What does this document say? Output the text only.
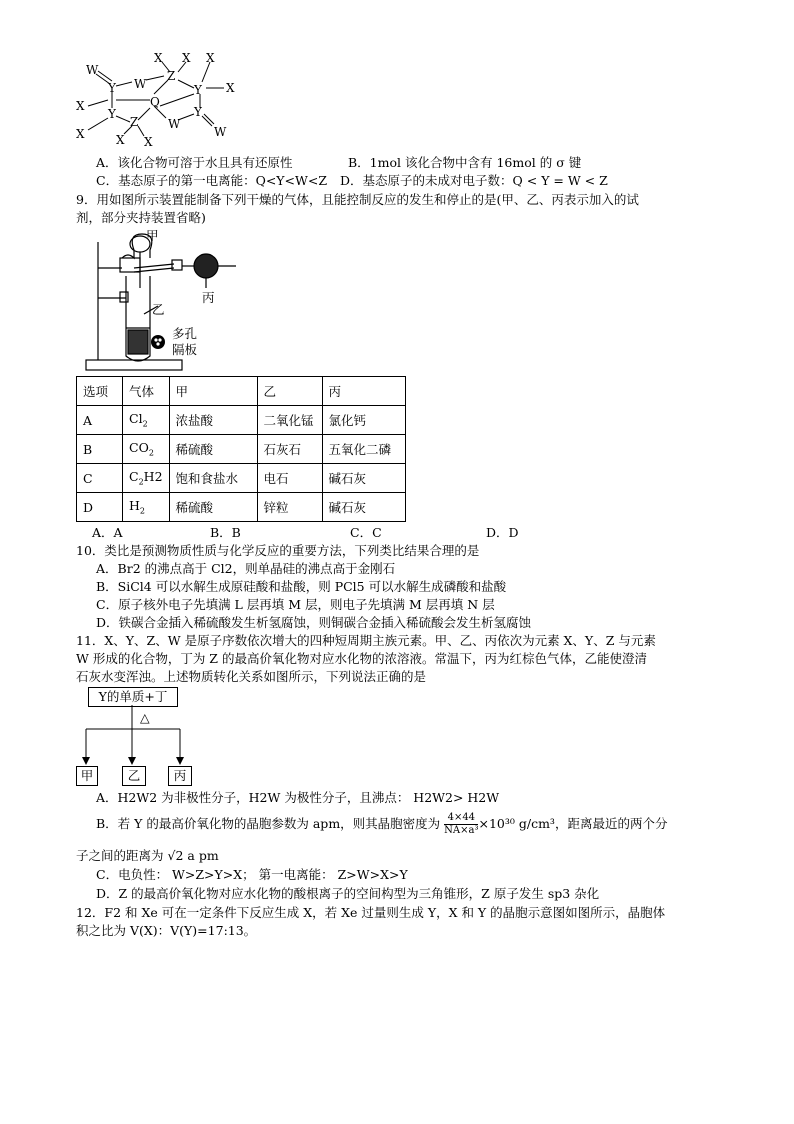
W
Y W
X X
Z
X
Y X
X	Q
Y
W
Y
X
Z
W
X X
A．该化合物可溶于水且具有还原性	B．1mol 该化合物中含有 16mol 的 σ 键
C．基态原子的第一电离能：Q<Y<W<Z D．基态原子的未成对电子数：Q < Y = W < Z
9．用如图所示装置能制备下列干燥的气体，且能控制反应的发生和停止的是(甲、乙、丙表示加入的试
剂，部分夹持装置省略)
甲
丙
乙
多孔
隔板
选项	气体	甲	乙	丙
A	$Cl_2$	浓盐酸	二氧化锰	氯化钙
B	$CO_2$	稀硫酸	石灰石	五氧化二磷
C	$C_2H2$	饱和食盐水	电石	碱石灰
D	$H_2$	稀硫酸	锌粒	碱石灰
A．A	B．B	C．C	D．D
10．类比是预测物质性质与化学反应的重要方法，下列类比结果合理的是
A．Br2 的沸点高于 Cl2，则单晶硅的沸点高于金刚石
B．SiCl4 可以水解生成原硅酸和盐酸，则 PCl5 可以水解生成磷酸和盐酸
C．原子核外电子先填满 L 层再填 M 层，则电子先填满 M 层再填 N 层
D．铁碳合金插入稀硫酸发生析氢腐蚀，则铜碳合金插入稀硫酸会发生析氢腐蚀
11．X、Y、Z、W 是原子序数依次增大的四种短周期主族元素。甲、乙、丙依次为元素 X、Y、Z 与元素
W 形成的化合物，丁为 Z 的最高价氧化物对应水化物的浓溶液。常温下，丙为红棕色气体，乙能使澄清
石灰水变浑浊。上述物质转化关系如图所示，下列说法正确的是
Y的单质+丁
△
甲	乙	丙
A．H2W2 为非极性分子，H2W 为极性分子，且沸点： H2W2> H2W
B．若 Y 的最高价氧化物的晶胞参数为 apm，则其晶胞密度为 $\frac{4\times 44}{\text{NA×a³}} \times 10^{30}$ g/cm³，距离最近的两个分
子之间的距离为 √2 a pm
C．电负性： W>Z>Y>X； 第一电离能： Z>W>X>Y
D．Z 的最高价氧化物对应水化物的酸根离子的空间构型为三角锥形，Z 原子发生 sp3 杂化
12．F2 和 Xe 可在一定条件下反应生成 X，若 Xe 过量则生成 Y，X 和 Y 的晶胞示意图如图所示，晶胞体
积之比为 V(X)：V(Y)=17:13。
